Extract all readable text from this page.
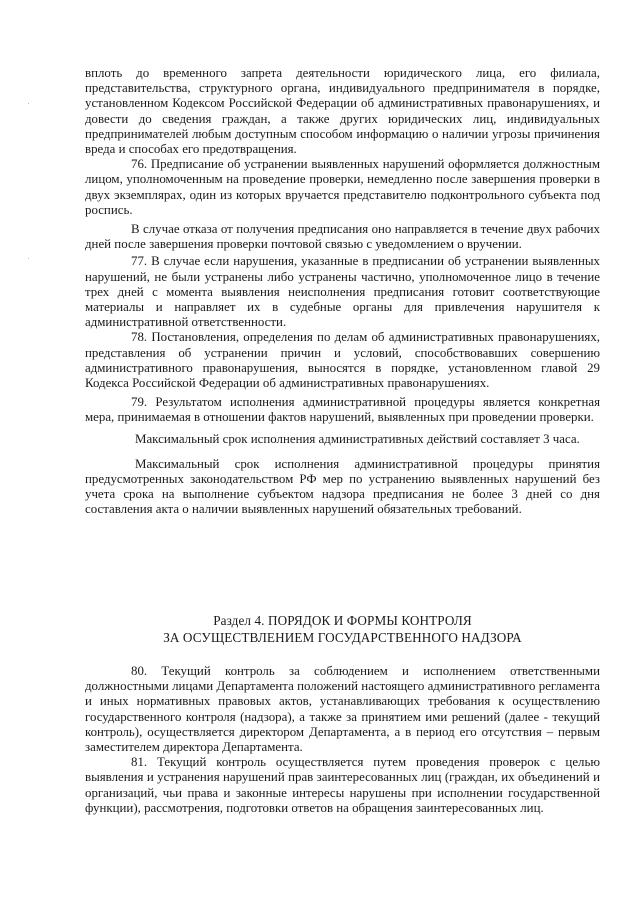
вплоть до временного запрета деятельности юридического лица, его филиала, представительства, структурного органа, индивидуального предпринимателя в порядке, установленном Кодексом Российской Федерации об административных правонарушениях, и довести до сведения граждан, а также других юридических лиц, индивидуальных предпринимателей любым доступным способом информацию о наличии угрозы причинения вреда и способах его предотвращения.

76. Предписание об устранении выявленных нарушений оформляется должностным лицом, уполномоченным на проведение проверки, немедленно после завершения проверки в двух экземплярах, один из которых вручается представителю подконтрольного субъекта под роспись.

В случае отказа от получения предписания оно направляется в течение двух рабочих дней после завершения проверки почтовой связью с уведомлением о вручении.

77. В случае если нарушения, указанные в предписании об устранении выявленных нарушений, не были устранены либо устранены частично, уполномоченное лицо в течение трех дней с момента выявления неисполнения предписания готовит соответствующие материалы и направляет их в судебные органы для привлечения нарушителя к административной ответственности.

78. Постановления, определения по делам об административных правонарушениях, представления об устранении причин и условий, способствовавших совершению административного правонарушения, выносятся в порядке, установленном главой 29 Кодекса Российской Федерации об административных правонарушениях.

79. Результатом исполнения административной процедуры является конкретная мера, принимаемая в отношении фактов нарушений, выявленных при проведении проверки.

Максимальный срок исполнения административных действий составляет 3 часа.

Максимальный срок исполнения административной процедуры принятия предусмотренных законодательством РФ мер по устранению выявленных нарушений без учета срока на выполнение субъектом надзора предписания не более 3 дней со дня составления акта о наличии выявленных нарушений обязательных требований.

Раздел 4. ПОРЯДОК И ФОРМЫ КОНТРОЛЯ
ЗА ОСУЩЕСТВЛЕНИЕМ ГОСУДАРСТВЕННОГО НАДЗОРА

80. Текущий контроль за соблюдением и исполнением ответственными должностными лицами Департамента положений настоящего административного регламента и иных нормативных правовых актов, устанавливающих требования к осуществлению государственного контроля (надзора), а также за принятием ими решений (далее - текущий контроль), осуществляется директором Департамента, а в период его отсутствия – первым заместителем директора Департамента.

81. Текущий контроль осуществляется путем проведения проверок с целью выявления и устранения нарушений прав заинтересованных лиц (граждан, их объединений и организаций, чьи права и законные интересы нарушены при исполнении государственной функции), рассмотрения, подготовки ответов на обращения заинтересованных лиц.
